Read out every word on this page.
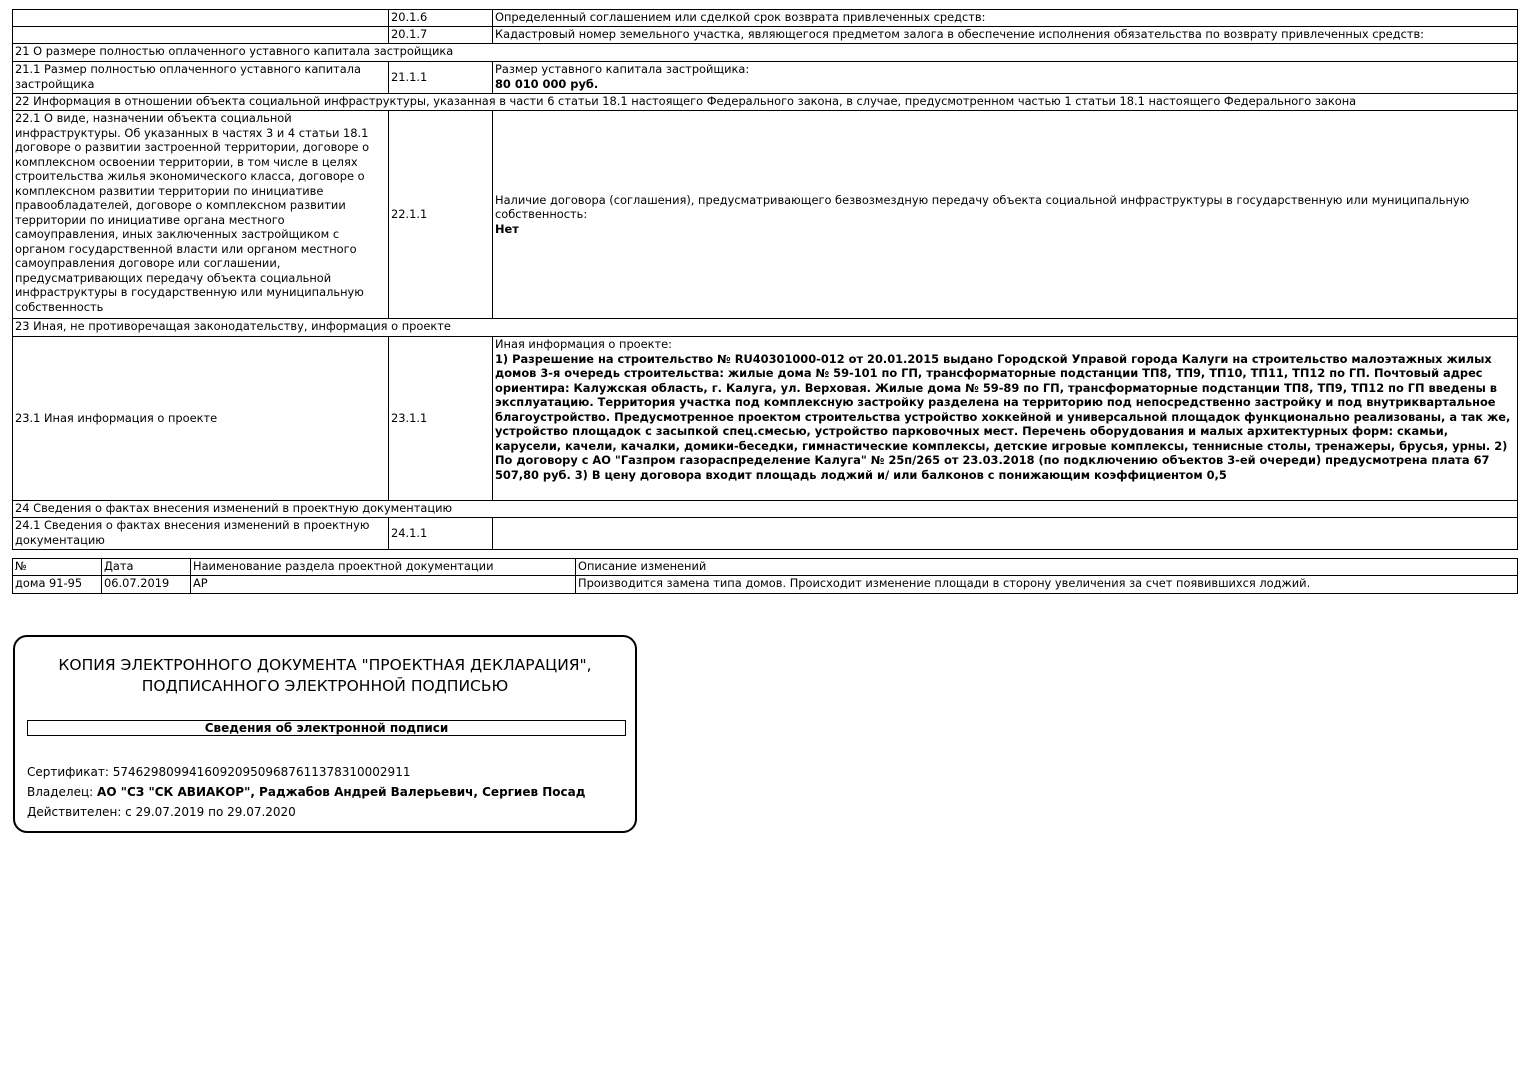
	20.1.6	Определенный соглашением или сделкой срок возврата привлеченных средств:
	20.1.7	Кадастровый номер земельного участка, являющегося предметом залога в обеспечение исполнения обязательства по возврату привлеченных средств:
21 О размере полностью оплаченного уставного капитала застройщика		
21.1 Размер полностью оплаченного уставного капитала застройщика	21.1.1	Размер уставного капитала застройщика:
80 010 000 руб.

22 Информация в отношении объекта социальной инфраструктуры, указанная в части 6 статьи 18.1 настоящего Федерального закона, в случае, предусмотренном частью 1 статьи 18.1 настоящего Федерального закона		
22.1 О виде, назначении объекта социальной инфраструктуры. Об указанных в частях 3 и 4 статьи 18.1 договоре о развитии застроенной территории, договоре о комплексном освоении территории, в том числе в целях строительства жилья экономического класса, договоре о комплексном развитии территории по инициативе правообладателей, договоре о комплексном развитии территории по инициативе органа местного самоуправления, иных заключенных застройщиком с органом государственной власти или органом местного самоуправления договоре или соглашении, предусматривающих передачу объекта социальной инфраструктуры в государственную или муниципальную собственность	22.1.1	Наличие договора (соглашения), предусматривающего безвозмездную передачу объекта социальной инфраструктуры в государственную или муниципальную собственность:
Нет

23 Иная, не противоречащая законодательству, информация о проекте		
23.1 Иная информация о проекте	23.1.1	Иная информация о проекте:
1) Разрешение на строительство № RU40301000-012 от 20.01.2015 выдано Городской Управой города Калуги на строительство малоэтажных жилых домов 3-я очередь строительства: жилые дома № 59-101 по ГП, трансформаторные подстанции ТП8, ТП9, ТП10, ТП11, ТП12 по ГП. Почтовый адрес ориентира: Калужская область, г. Калуга, ул. Верховая. Жилые дома № 59-89 по ГП, трансформаторные подстанции ТП8, ТП9, ТП12 по ГП введены в эксплуатацию. Территория участка под комплексную застройку разделена на территорию под непосредственно застройку и под внутриквартальное благоустройство. Предусмотренное проектом строительства устройство хоккейной и универсальной площадок функционально реализованы, а так же, устройство площадок с засыпкой спец.смесью, устройство парковочных мест. Перечень оборудования и малых архитектурных форм: скамьи, карусели, качели, качалки, домики-беседки, гимнастические комплексы, детские игровые комплексы, теннисные столы, тренажеры, брусья, урны. 2) По договору с АО "Газпром газораспределение Калуга" № 25п/265 от 23.03.2018 (по подключению объектов 3-ей очереди) предусмотрена плата 67 507,80 руб. 3) В цену договора входит площадь лоджий и/ или балконов с понижающим коэффициентом 0,5

24 Сведения о фактах внесения изменений в проектную документацию		
24.1 Сведения о фактах внесения изменений в проектную документацию	24.1.1	
№	Дата	Наименование раздела проектной документации	Описание изменений
дома 91-95	06.07.2019	АР	Производится замена типа домов. Происходит изменение площади в сторону увеличения за счет появившихся лоджий.
КОПИЯ ЭЛЕКТРОННОГО ДОКУМЕНТА "ПРОЕКТНАЯ ДЕКЛАРАЦИЯ",
ПОДПИСАННОГО ЭЛЕКТРОННОЙ ПОДПИСЬЮ
Сведения об электронной подписи
Сертификат: 574629809941609209509687611378310002911
Владелец: АО "СЗ "СК АВИАКОР", Раджабов Андрей Валерьевич, Сергиев Посад
Действителен: с 29.07.2019 по 29.07.2020
